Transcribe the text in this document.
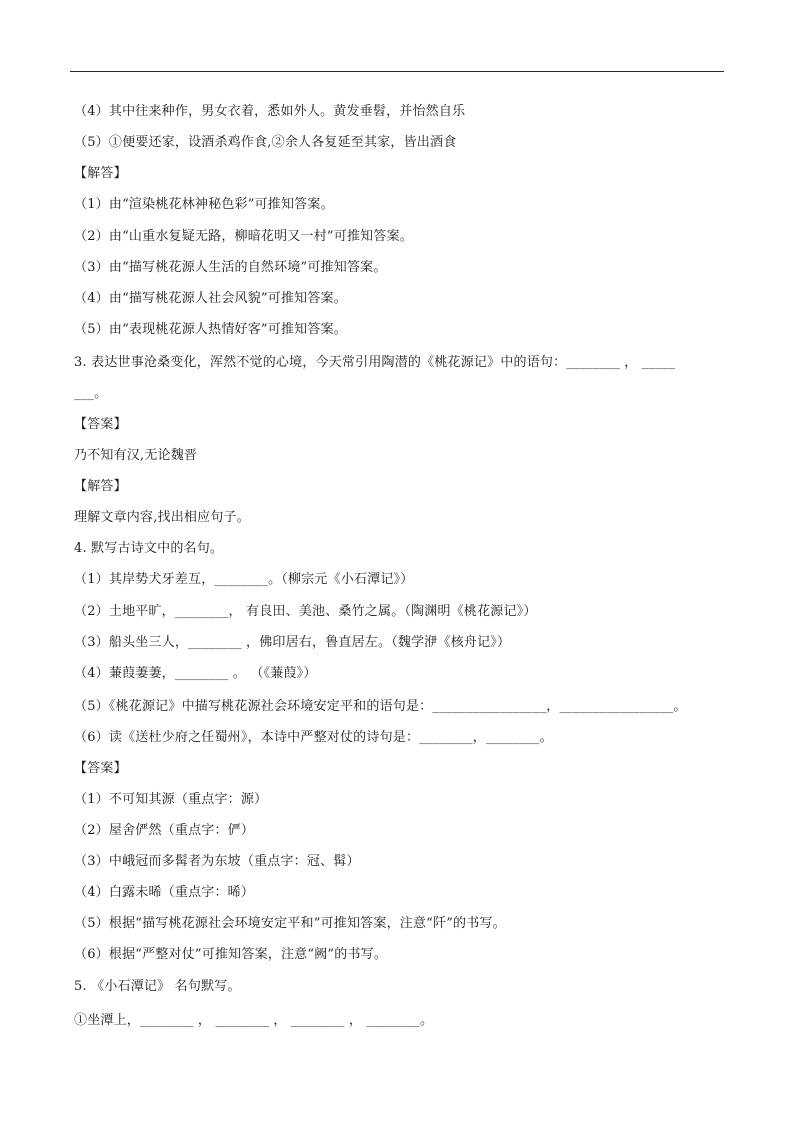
（4）其中往来种作，男女衣着，悉如外人。黄发垂髫，并怡然自乐
（5）①便要还家，设酒杀鸡作食,②余人各复延至其家，皆出酒食
【解答】
（1）由“渲染桃花林神秘色彩”可推知答案。
（2）由“山重水复疑无路，柳暗花明又一村”可推知答案。
（3）由“描写桃花源人生活的自然环境”可推知答案。
（4）由“描写桃花源人社会风貌”可推知答案。
（5）由“表现桃花源人热情好客”可推知答案。
3. 表达世事沧桑变化，浑然不觉的心境，今天常引用陶潜的《桃花源记》中的语句：________ ， _____
___。
【答案】
乃不知有汉,无论魏晋
【解答】
理解文章内容,找出相应句子。
4. 默写古诗文中的名句。
（1）其岸势犬牙差互，________。（柳宗元《小石潭记》）
（2）土地平旷，________， 有良田、美池、桑竹之属。（陶渊明《桃花源记》）
（3）船头坐三人，________ ，佛印居右，鲁直居左。（魏学洢《核舟记》）
（4）蒹葭萋萋，________ 。 （《蒹葭》）
（5）《桃花源记》中描写桃花源社会环境安定平和的语句是：_________________，_________________。
（6）读《送杜少府之任蜀州》，本诗中严整对仗的诗句是：________，________。
【答案】
（1）不可知其源（重点字：源）
（2）屋舍俨然（重点字：俨）
（3）中峨冠而多髯者为东坡（重点字：冠、髯）
（4）白露未晞（重点字：晞）
（5）根据“描写桃花源社会环境安定平和”可推知答案，注意“阡”的书写。
（6）根据“严整对仗”可推知答案，注意“阙”的书写。
5. 《小石潭记》 名句默写。
①坐潭上，________ ， ________ ， ________ ， ________。
